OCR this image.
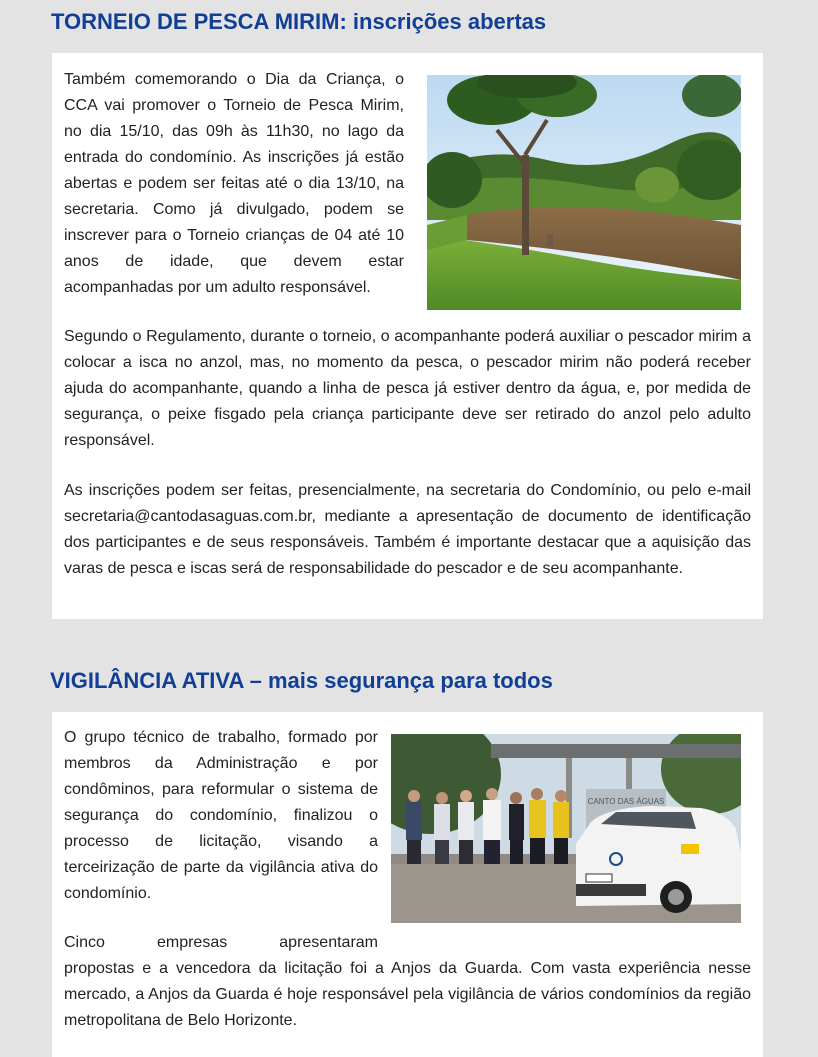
TORNEIO DE PESCA MIRIM: inscrições abertas

Também comemorando o Dia da Criança, o CCA vai promover o Torneio de Pesca Mirim, no dia 15/10, das 09h às 11h30, no lago da entrada do condomínio. As inscrições já estão abertas e podem ser feitas até o dia 13/10, na secretaria. Como já divulgado, podem se inscrever para o Torneio crianças de 04 até 10 anos de idade, que devem estar acompanhadas por um adulto responsável.

Segundo o Regulamento, durante o torneio, o acompanhante poderá auxiliar o pescador mirim a colocar a isca no anzol, mas, no momento da pesca, o pescador mirim não poderá receber ajuda do acompanhante, quando a linha de pesca já estiver dentro da água, e, por medida de segurança, o peixe fisgado pela criança participante deve ser retirado do anzol pelo adulto responsável.

As inscrições podem ser feitas, presencialmente, na secretaria do Condomínio, ou pelo e-mail secretaria@cantodasaguas.com.br, mediante a apresentação de documento de identificação dos participantes e de seus responsáveis. Também é importante destacar que a aquisição das varas de pesca e iscas será de responsabilidade do pescador e de seu acompanhante.

VIGILÂNCIA ATIVA – mais segurança para todos

O grupo técnico de trabalho, formado por membros da Administração e por condôminos, para reformular o sistema de segurança do condomínio, finalizou o processo de licitação, visando a terceirização de parte da vigilância ativa do condomínio.

CANTO DAS ÁGUAS

Cinco empresas apresentaram

propostas e a vencedora da licitação foi a Anjos da Guarda. Com vasta experiência nesse mercado, a Anjos da Guarda é hoje responsável pela vigilância de vários condomínios da região metropolitana de Belo Horizonte.
